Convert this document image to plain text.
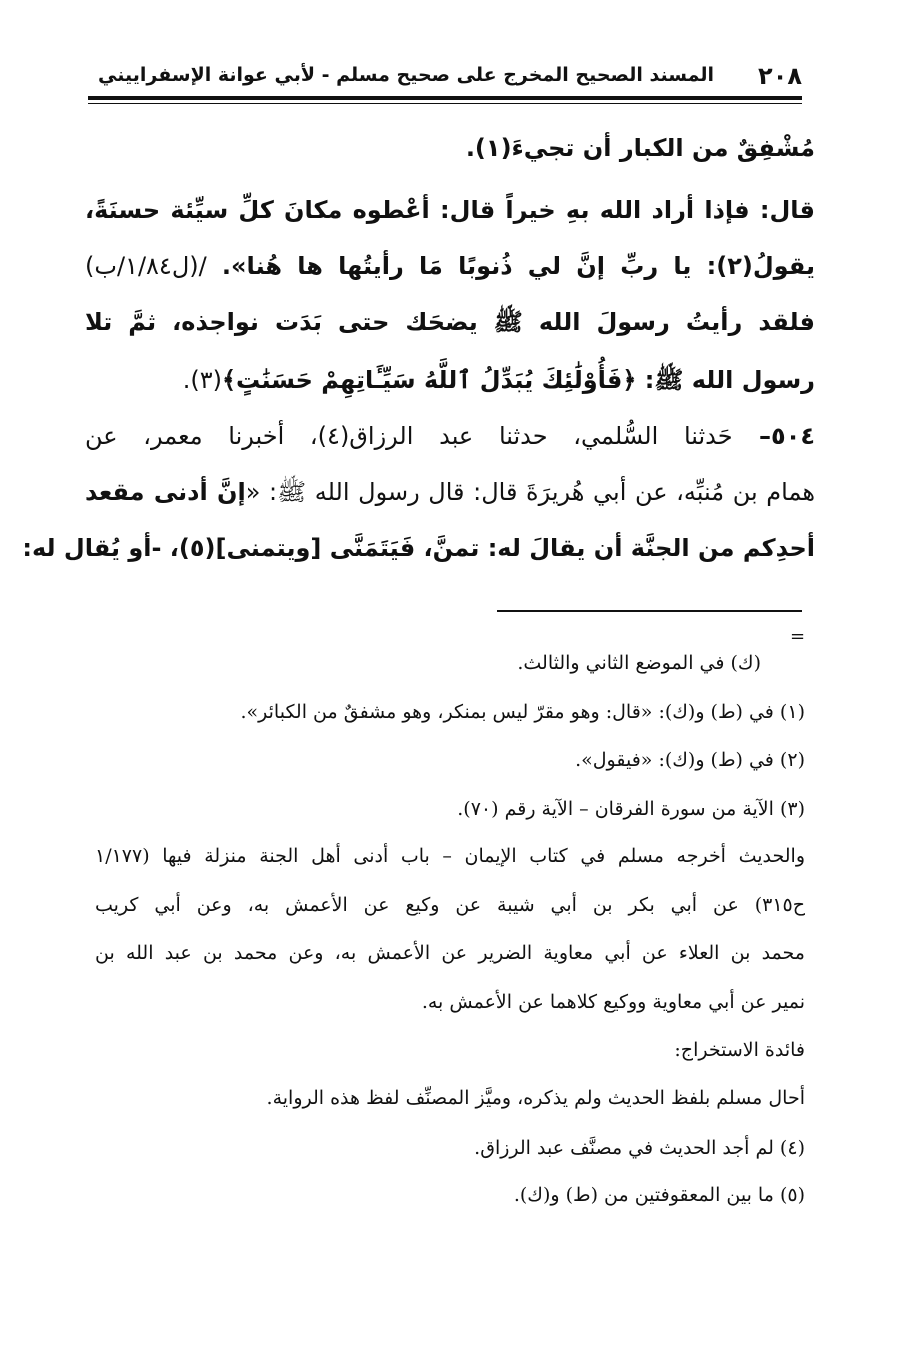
٢٠٨
المسند الصحيح المخرج على صحيح مسلم - لأبي عوانة الإسفراييني
مُشْفِقٌ من الكبار أن تجيءَ(١).
قال: فإذا أراد الله بهِ خيراً قال: أعْطوه مكانَ كلِّ سيِّئة حسنَةً،
يقولُ(٢): يا ربِّ إنَّ لي ذُنوبًا مَا رأيتُها ها هُنا». /(ل١/٨٤/ب)
فلقد رأيتُ رسولَ الله ﷺ يضحَك حتى بَدَت نواجذه، ثمَّ تلا
رسول الله ﷺ: ﴿فَأُوْلَٰئِكَ يُبَدِّلُ ٱللَّهُ سَيِّـَٔاتِهِمْ حَسَنَٰتٍ﴾(٣).
٥٠٤– حَدثنا السُّلمي، حدثنا عبد الرزاق(٤)، أخبرنا معمر، عن
همام بن مُنبِّه، عن أبي هُريرَةَ قال: قال رسول الله ﷺ: «إنَّ أدنى مقعد
أحدِكم من الجنَّة أن يقالَ له: تمنَّ، فَيَتَمَنَّى [ويتمنى](٥)، -أو يُقال له:
=
(ك) في الموضع الثاني والثالث.
(١) في (ط) و(ك): «قال: وهو مقرّ ليس بمنكر، وهو مشفقٌ من الكبائر».
(٢) في (ط) و(ك): «فيقول».
(٣) الآية من سورة الفرقان – الآية رقم (٧٠).
والحديث أخرجه مسلم في كتاب الإيمان – باب أدنى أهل الجنة منزلة فيها (١/١٧٧
ح٣١٥) عن أبي بكر بن أبي شيبة عن وكيع عن الأعمش به، وعن أبي كريب
محمد بن العلاء عن أبي معاوية الضرير عن الأعمش به، وعن محمد بن عبد الله بن
نمير عن أبي معاوية ووكيع كلاهما عن الأعمش به.
فائدة الاستخراج:
أحال مسلم بلفظ الحديث ولم يذكره، وميَّز المصنِّف لفظ هذه الرواية.
(٤) لم أجد الحديث في مصنَّف عبد الرزاق.
(٥) ما بين المعقوفتين من (ط) و(ك).
